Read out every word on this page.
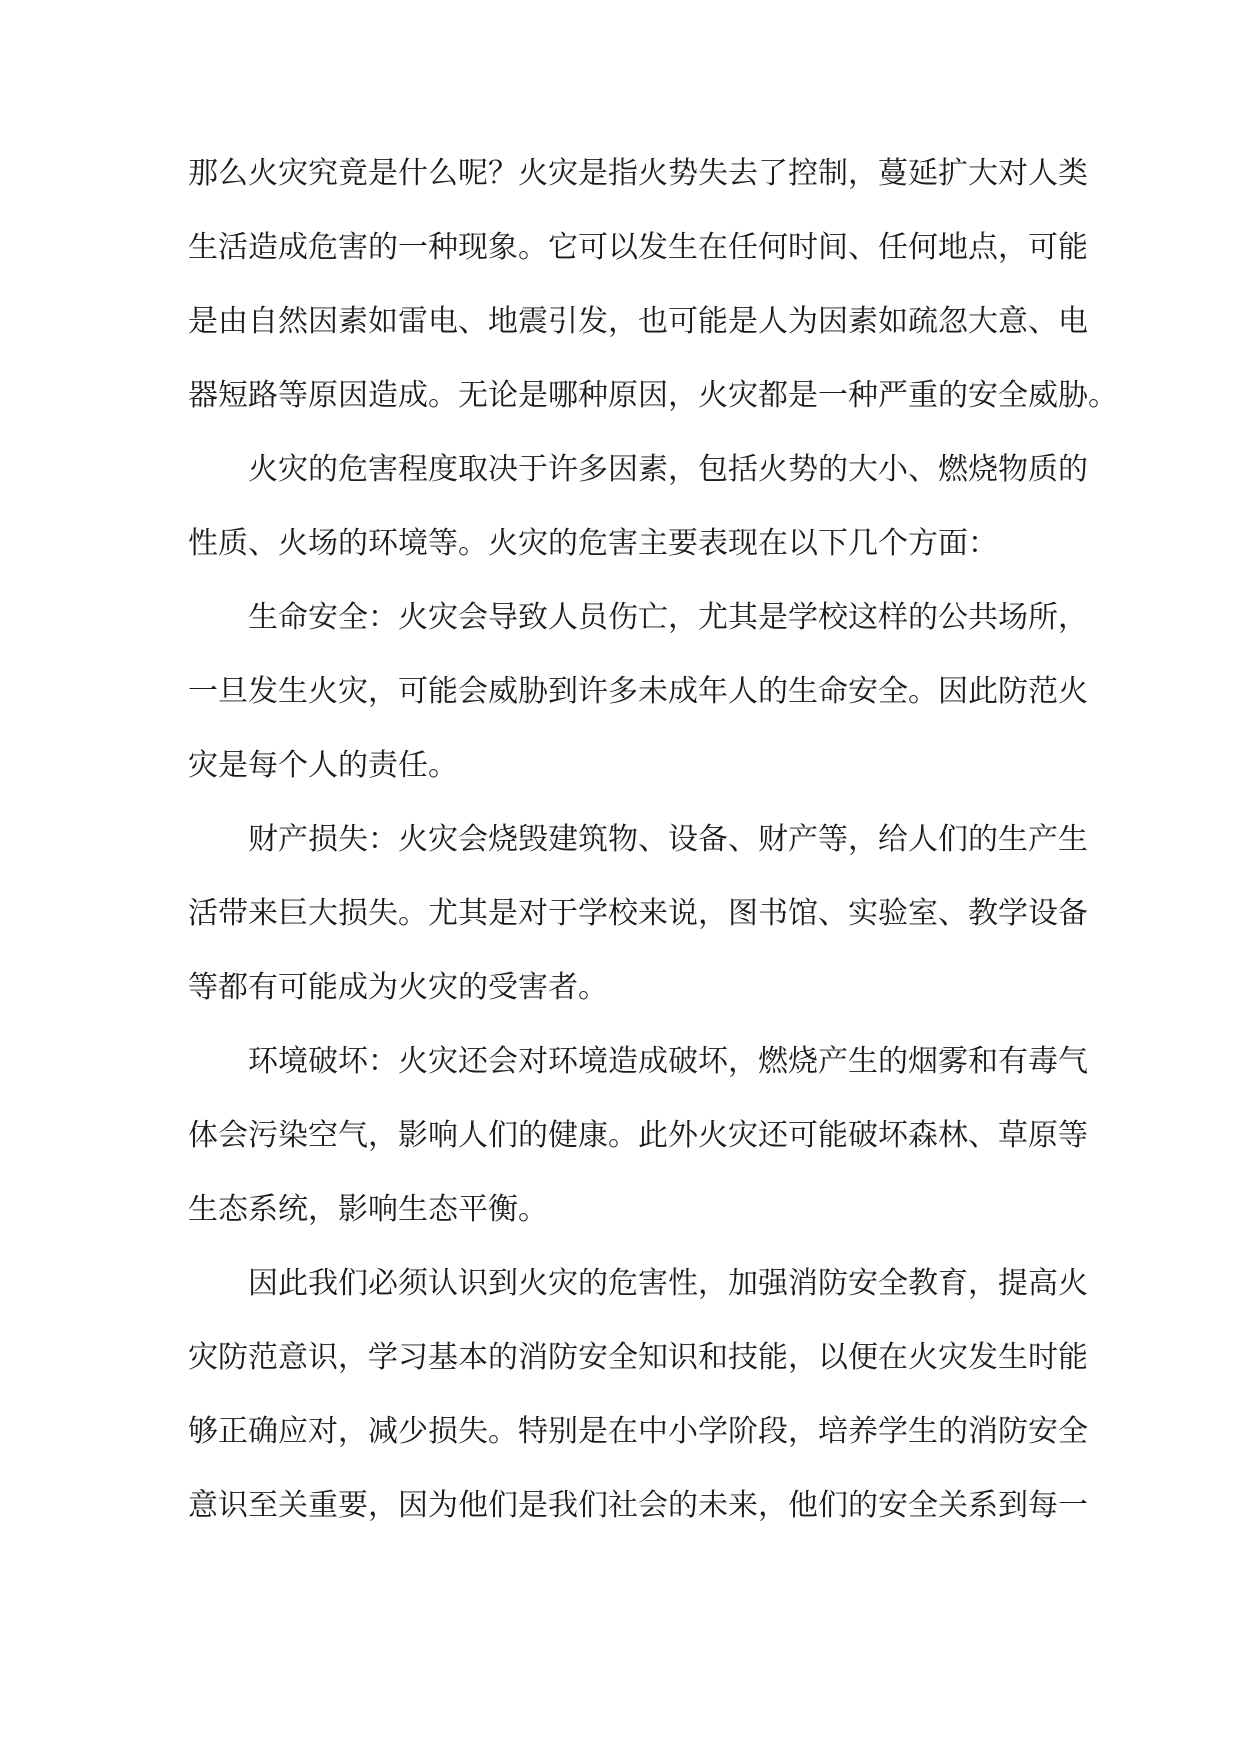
那么火灾究竟是什么呢？火灾是指火势失去了控制，蔓延扩大对人类
生活造成危害的一种现象。它可以发生在任何时间、任何地点，可能
是由自然因素如雷电、地震引发，也可能是人为因素如疏忽大意、电
器短路等原因造成。无论是哪种原因，火灾都是一种严重的安全威胁。
火灾的危害程度取决于许多因素，包括火势的大小、燃烧物质的
性质、火场的环境等。火灾的危害主要表现在以下几个方面：
生命安全：火灾会导致人员伤亡，尤其是学校这样的公共场所，
一旦发生火灾，可能会威胁到许多未成年人的生命安全。因此防范火
灾是每个人的责任。
财产损失：火灾会烧毁建筑物、设备、财产等，给人们的生产生
活带来巨大损失。尤其是对于学校来说，图书馆、实验室、教学设备
等都有可能成为火灾的受害者。
环境破坏：火灾还会对环境造成破坏，燃烧产生的烟雾和有毒气
体会污染空气，影响人们的健康。此外火灾还可能破坏森林、草原等
生态系统，影响生态平衡。
因此我们必须认识到火灾的危害性，加强消防安全教育，提高火
灾防范意识，学习基本的消防安全知识和技能，以便在火灾发生时能
够正确应对，减少损失。特别是在中小学阶段，培养学生的消防安全
意识至关重要，因为他们是我们社会的未来，他们的安全关系到每一
